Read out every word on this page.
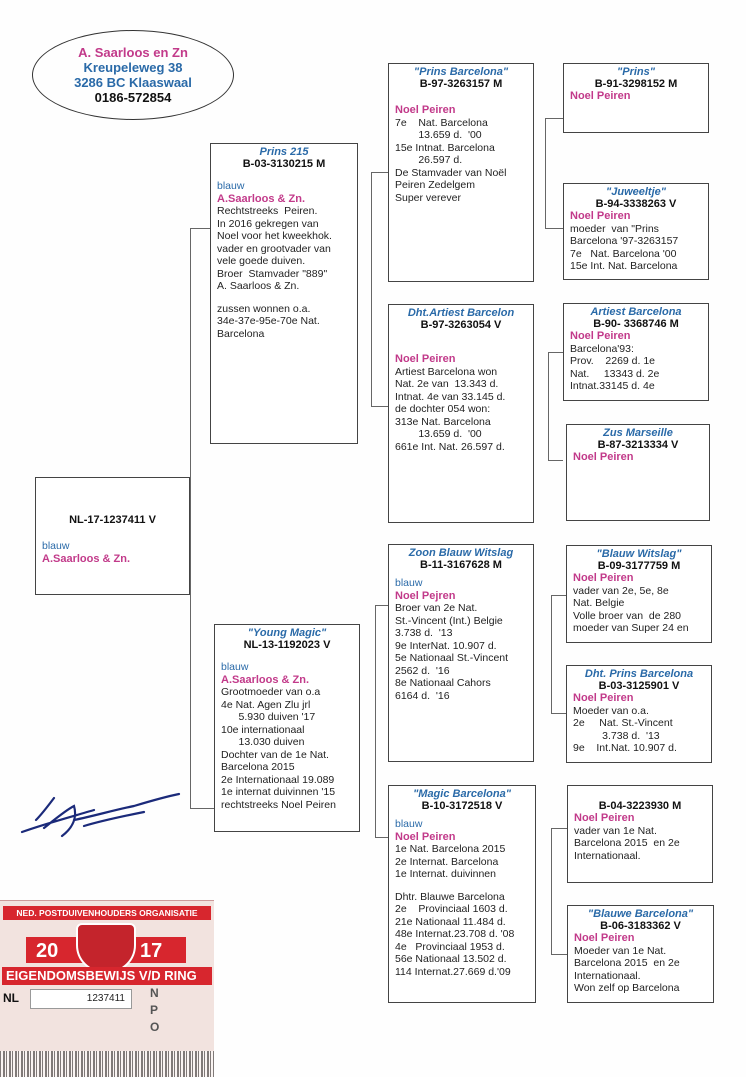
A. Saarloos en Zn
Kreupeleweg 38
3286 BC Klaaswaal
0186-572854
NL-17-1237411 V
blauw
A.Saarloos & Zn.
Prins 215
B-03-3130215 M
blauw
A.Saarloos & Zn.
Rechtstreeks  Peiren.
In 2016 gekregen van
Noel voor het kweekhok.
vader en grootvader van
vele goede duiven.
Broer  Stamvader "889"
A. Saarloos & Zn.
zussen wonnen o.a.
34e-37e-95e-70e Nat.
Barcelona
"Young Magic"
NL-13-1192023 V
blauw
A.Saarloos & Zn.
Grootmoeder van o.a
4e Nat. Agen Zlu jrl
5.930 duiven '17
10e internationaal
13.030 duiven
Dochter van de 1e Nat.
Barcelona 2015
2e Internationaal 19.089
1e internat duivinnen '15
rechtstreeks Noel Peiren
"Prins Barcelona"
B-97-3263157 M
Noel Peiren
7e    Nat. Barcelona
13.659 d.  '00
15e Intnat. Barcelona
26.597 d.
De Stamvader van Noël
Peiren Zedelgem
Super verever
Dht.Artiest Barcelon
B-97-3263054 V
Noel Peiren
Artiest Barcelona won
Nat. 2e van  13.343 d.
Intnat. 4e van 33.145 d.
de dochter 054 won:
313e Nat. Barcelona
13.659 d.  '00
661e Int. Nat. 26.597 d.
Zoon Blauw Witslag
B-11-3167628 M
blauw
Noel Pejren
Broer van 2e Nat.
St.-Vincent (Int.) Belgie
3.738 d.  '13
9e InterNat. 10.907 d.
5e Nationaal St.-Vincent
2562 d.  '16
8e Nationaal Cahors
6164 d.  '16
"Magic Barcelona"
B-10-3172518 V
blauw
Noel Peiren
1e Nat. Barcelona 2015
2e Internat. Barcelona
1e Internat. duivinnen
Dhtr. Blauwe Barcelona
2e    Provinciaal 1603 d.
21e Nationaal 11.484 d.
48e Internat.23.708 d. '08
4e   Provinciaal 1953 d.
56e Nationaal 13.502 d.
114 Internat.27.669 d.'09
"Prins"
B-91-3298152 M
Noel Peiren
"Juweeltje"
B-94-3338263 V
Noel Peiren
moeder  van "Prins
Barcelona '97-3263157
7e   Nat. Barcelona '00
15e Int. Nat. Barcelona
Artiest Barcelona
B-90- 3368746 M
Noel Peiren
Barcelona'93:
Prov.    2269 d. 1e
Nat.     13343 d. 2e
Intnat.33145 d. 4e
Zus Marseille
B-87-3213334 V
Noel Peiren
"Blauw Witslag"
B-09-3177759 M
Noel Peiren
vader van 2e, 5e, 8e
Nat. Belgie
Volle broer van  de 280
moeder van Super 24 en
Dht. Prins Barcelona
B-03-3125901 V
Noel Peiren
Moeder van o.a.
2e     Nat. St.-Vincent
3.738 d.  '13
9e    Int.Nat. 10.907 d.
B-04-3223930 M
Noel Peiren
vader van 1e Nat.
Barcelona 2015  en 2e
Internationaal.
"Blauwe Barcelona"
B-06-3183362 V
Noel Peiren
Moeder van 1e Nat.
Barcelona 2015  en 2e
Internationaal.
Won zelf op Barcelona
NED. POSTDUIVENHOUDERS ORGANISATIE
20	17
EIGENDOMSBEWIJS V/D RING
NL	1237411	N
P
O
